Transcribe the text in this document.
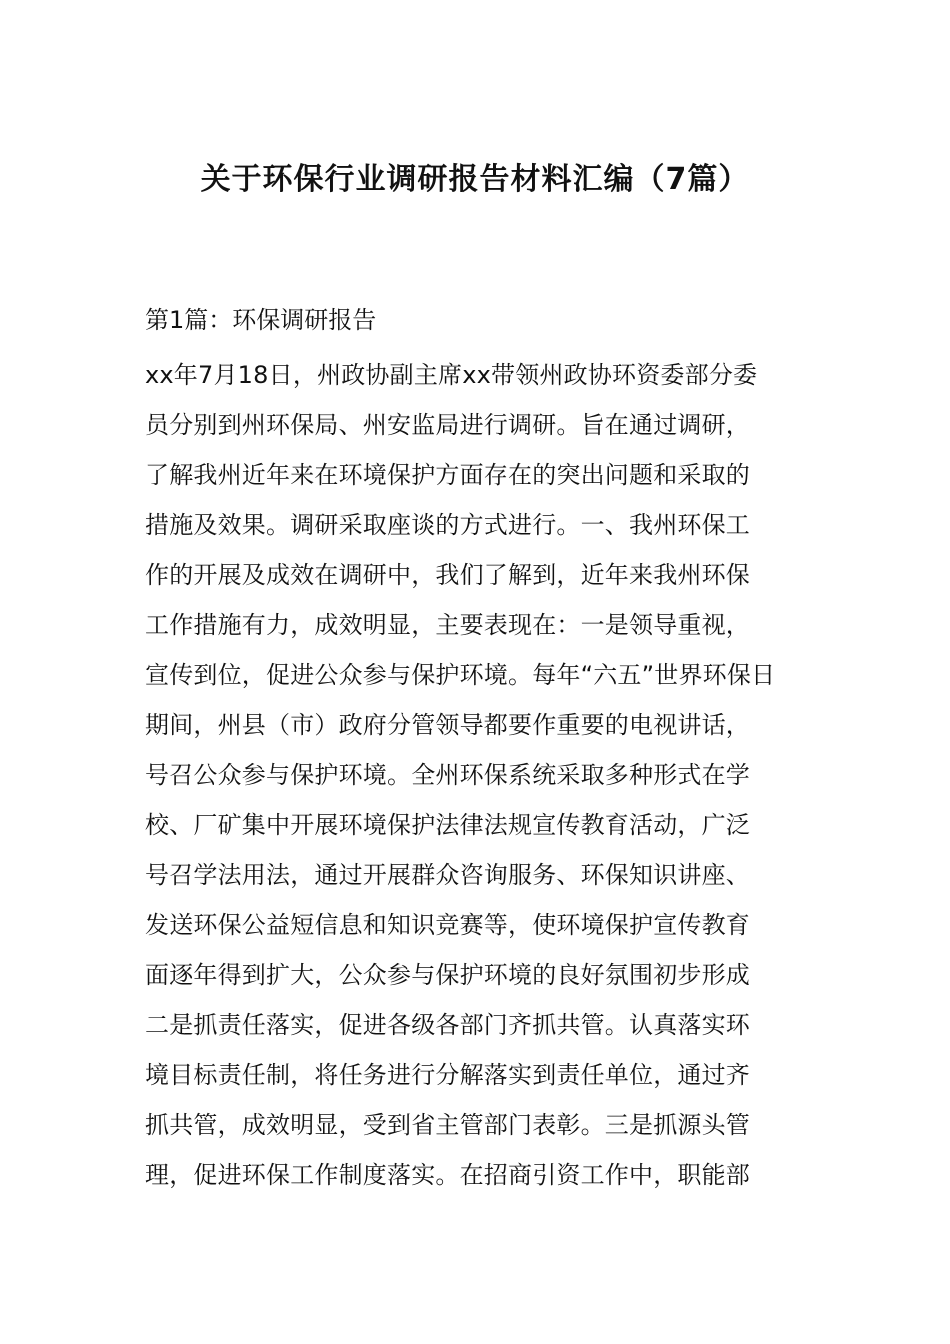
关于环保行业调研报告材料汇编（7篇）
第1篇：环保调研报告
xx年7月18日，州政协副主席xx带领州政协环资委部分委
员分别到州环保局、州安监局进行调研。旨在通过调研，
了解我州近年来在环境保护方面存在的突出问题和采取的
措施及效果。调研采取座谈的方式进行。一、我州环保工
作的开展及成效在调研中，我们了解到，近年来我州环保
工作措施有力，成效明显，主要表现在：一是领导重视，
宣传到位，促进公众参与保护环境。每年“六五”世界环保日
期间，州县（市）政府分管领导都要作重要的电视讲话，
号召公众参与保护环境。全州环保系统采取多种形式在学
校、厂矿集中开展环境保护法律法规宣传教育活动，广泛
号召学法用法，通过开展群众咨询服务、环保知识讲座、
发送环保公益短信息和知识竞赛等，使环境保护宣传教育
面逐年得到扩大，公众参与保护环境的良好氛围初步形成
二是抓责任落实，促进各级各部门齐抓共管。认真落实环
境目标责任制，将任务进行分解落实到责任单位，通过齐
抓共管，成效明显，受到省主管部门表彰。三是抓源头管
理，促进环保工作制度落实。在招商引资工作中，职能部
